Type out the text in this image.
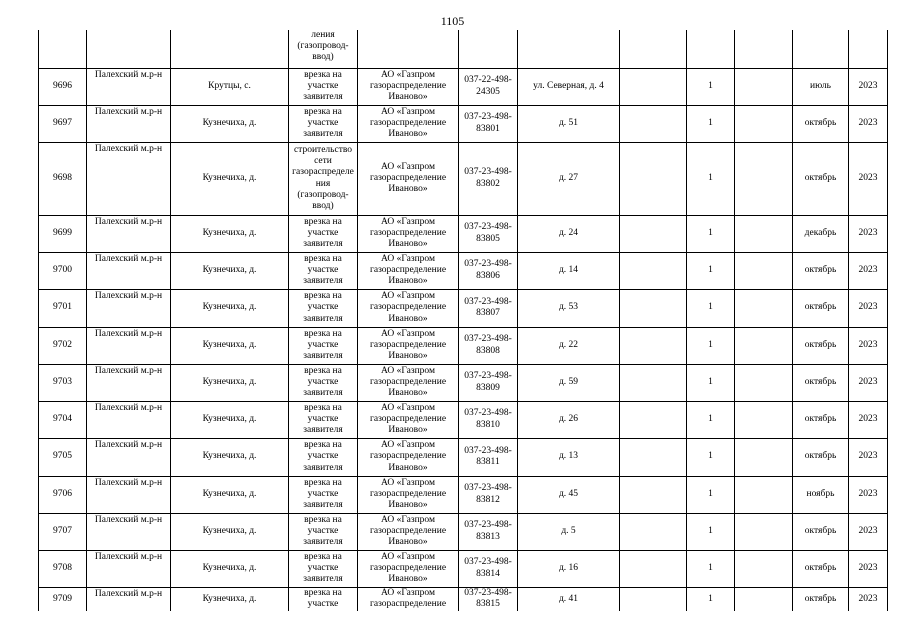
1105
			ления (газопровод-ввод)								
9696	Палехский м.р-н	Крутцы, с.	врезка на участке заявителя	АО «Газпром газораспределение Иваново»	037-22-498-24305	ул. Северная, д. 4		1		июль	2023
9697	Палехский м.р-н	Кузнечиха, д.	врезка на участке заявителя	АО «Газпром газораспределение Иваново»	037-23-498-83801	д. 51		1		октябрь	2023
9698	Палехский м.р-н	Кузнечиха, д.	строительство сети газораспределения (газопровод-ввод)	АО «Газпром газораспределение Иваново»	037-23-498-83802	д. 27		1		октябрь	2023
9699	Палехский м.р-н	Кузнечиха, д.	врезка на участке заявителя	АО «Газпром газораспределение Иваново»	037-23-498-83805	д. 24		1		декабрь	2023
9700	Палехский м.р-н	Кузнечиха, д.	врезка на участке заявителя	АО «Газпром газораспределение Иваново»	037-23-498-83806	д. 14		1		октябрь	2023
9701	Палехский м.р-н	Кузнечиха, д.	врезка на участке заявителя	АО «Газпром газораспределение Иваново»	037-23-498-83807	д. 53		1		октябрь	2023
9702	Палехский м.р-н	Кузнечиха, д.	врезка на участке заявителя	АО «Газпром газораспределение Иваново»	037-23-498-83808	д. 22		1		октябрь	2023
9703	Палехский м.р-н	Кузнечиха, д.	врезка на участке заявителя	АО «Газпром газораспределение Иваново»	037-23-498-83809	д. 59		1		октябрь	2023
9704	Палехский м.р-н	Кузнечиха, д.	врезка на участке заявителя	АО «Газпром газораспределение Иваново»	037-23-498-83810	д. 26		1		октябрь	2023
9705	Палехский м.р-н	Кузнечиха, д.	врезка на участке заявителя	АО «Газпром газораспределение Иваново»	037-23-498-83811	д. 13		1		октябрь	2023
9706	Палехский м.р-н	Кузнечиха, д.	врезка на участке заявителя	АО «Газпром газораспределение Иваново»	037-23-498-83812	д. 45		1		ноябрь	2023
9707	Палехский м.р-н	Кузнечиха, д.	врезка на участке заявителя	АО «Газпром газораспределение Иваново»	037-23-498-83813	д. 5		1		октябрь	2023
9708	Палехский м.р-н	Кузнечиха, д.	врезка на участке заявителя	АО «Газпром газораспределение Иваново»	037-23-498-83814	д. 16		1		октябрь	2023
9709	Палехский м.р-н	Кузнечиха, д.	врезка на участке	АО «Газпром газораспределение	037-23-498-83815	д. 41		1		октябрь	2023
